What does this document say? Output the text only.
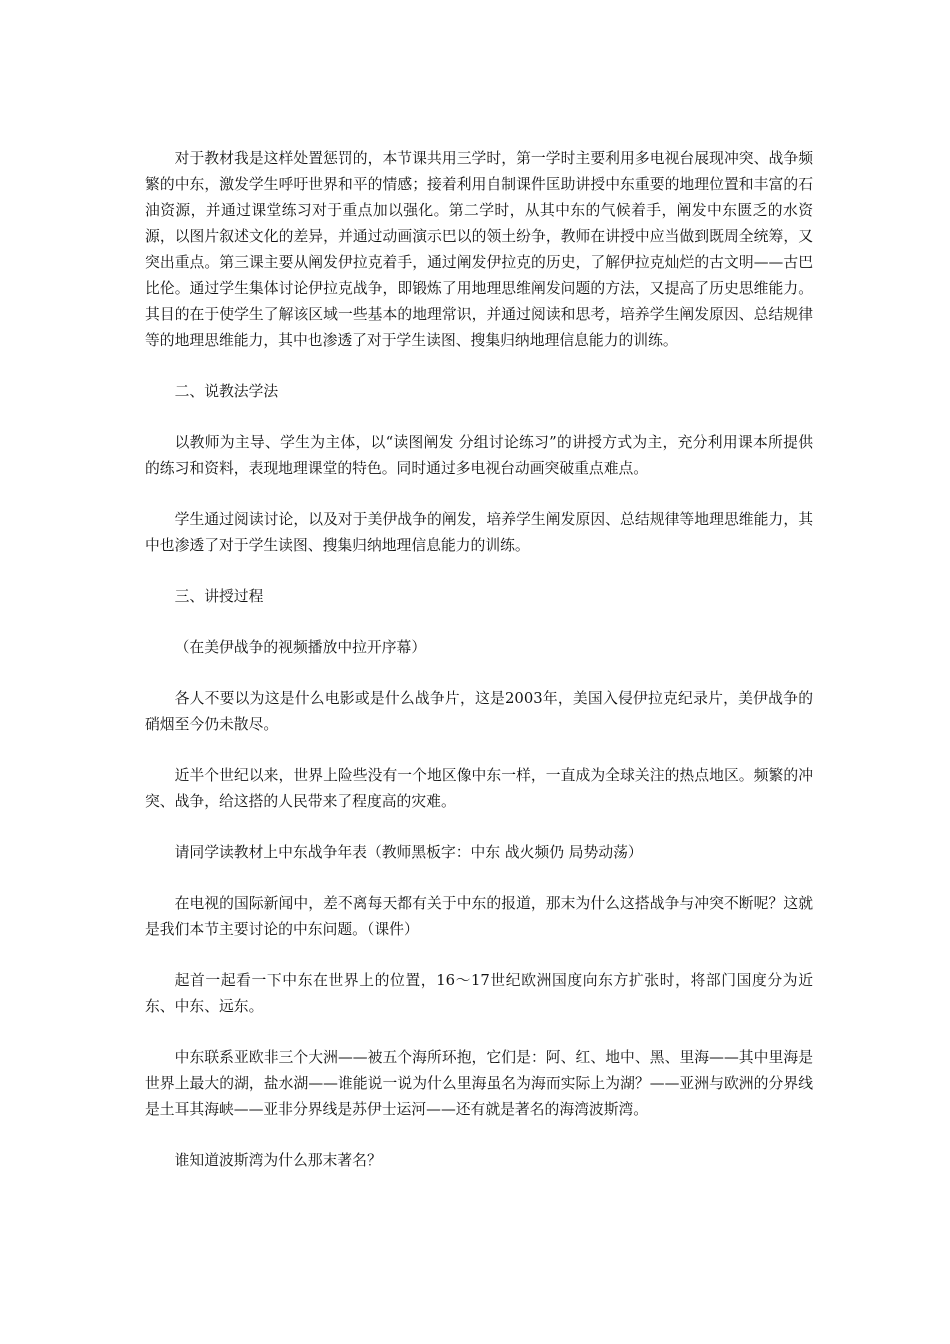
对于教材我是这样处置惩罚的，本节课共用三学时，第一学时主要利用多电视台展现冲突、战争频繁的中东，激发学生呼吁世界和平的情感；接着利用自制课件匡助讲授中东重要的地理位置和丰富的石油资源，并通过课堂练习对于重点加以强化。第二学时，从其中东的气候着手，阐发中东匮乏的水资源，以图片叙述文化的差异，并通过动画演示巴以的领土纷争，教师在讲授中应当做到既周全统筹，又突出重点。第三课主要从阐发伊拉克着手，通过阐发伊拉克的历史，了解伊拉克灿烂的古文明——古巴比伦。通过学生集体讨论伊拉克战争，即锻炼了用地理思维阐发问题的方法，又提高了历史思维能力。其目的在于使学生了解该区域一些基本的地理常识，并通过阅读和思考，培养学生阐发原因、总结规律等的地理思维能力，其中也渗透了对于学生读图、搜集归纳地理信息能力的训练。

二、说教法学法

以教师为主导、学生为主体，以“读图阐发 分组讨论练习”的讲授方式为主，充分利用课本所提供的练习和资料，表现地理课堂的特色。同时通过多电视台动画突破重点难点。

学生通过阅读讨论，以及对于美伊战争的阐发，培养学生阐发原因、总结规律等地理思维能力，其中也渗透了对于学生读图、搜集归纳地理信息能力的训练。

三、讲授过程

（在美伊战争的视频播放中拉开序幕）

各人不要以为这是什么电影或是什么战争片，这是2003年，美国入侵伊拉克纪录片，美伊战争的硝烟至今仍未散尽。

近半个世纪以来，世界上险些没有一个地区像中东一样，一直成为全球关注的热点地区。频繁的冲突、战争，给这搭的人民带来了程度高的灾难。

请同学读教材上中东战争年表（教师黑板字：中东 战火频仍 局势动荡）

在电视的国际新闻中，差不离每天都有关于中东的报道，那末为什么这搭战争与冲突不断呢？这就是我们本节主要讨论的中东问题。（课件）

起首一起看一下中东在世界上的位置，16～17世纪欧洲国度向东方扩张时，将部门国度分为近东、中东、远东。

中东联系亚欧非三个大洲——被五个海所环抱，它们是：阿、红、地中、黑、里海——其中里海是世界上最大的湖，盐水湖——谁能说一说为什么里海虽名为海而实际上为湖？——亚洲与欧洲的分界线是土耳其海峡——亚非分界线是苏伊士运河——还有就是著名的海湾波斯湾。

谁知道波斯湾为什么那末著名？
